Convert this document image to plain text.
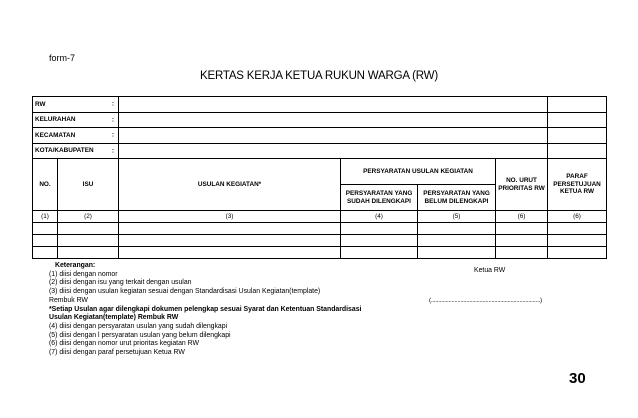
form-7
KERTAS KERJA KETUA RUKUN WARGA (RW)
RW :						

KELURAHAN :						

KECAMATAN :						

KOTA/KABUPATEN :						

NO.	ISU	USULAN KEGIATAN*	PERSYARATAN USULAN KEGIATAN		NO. URUT PRIORITAS RW	PARAF PERSETUJUAN KETUA RW
			PERSYARATAN YANG SUDAH DILENGKAPI	PERSYARATAN YANG BELUM DILENGKAPI		
(1)	(2)	(3)	(4)	(5)	(6)	(6)

Keterangan:
(1) diisi dengan nomor
(2) diisi dengan isu yang terkait dengan usulan
(3) diisi dengan usulan kegiatan sesuai dengan Standardisasi Usulan Kegiatan(template)
Rembuk RW
*Setiap Usulan agar dilengkapi dokumen pelengkap sesuai Syarat dan Ketentuan Standardisasi
Usulan Kegiatan(template) Rembuk RW
(4) diisi dengan persyaratan usulan yang sudah dilengkapi
(5) diisi dengan l persyaratan usulan yang belum dilengkapi
(6) diisi dengan nomor urut prioritas kegiatan RW
(7) diisi dengan paraf persetujuan Ketua RW
Ketua RW
(..........................................................................)
30
